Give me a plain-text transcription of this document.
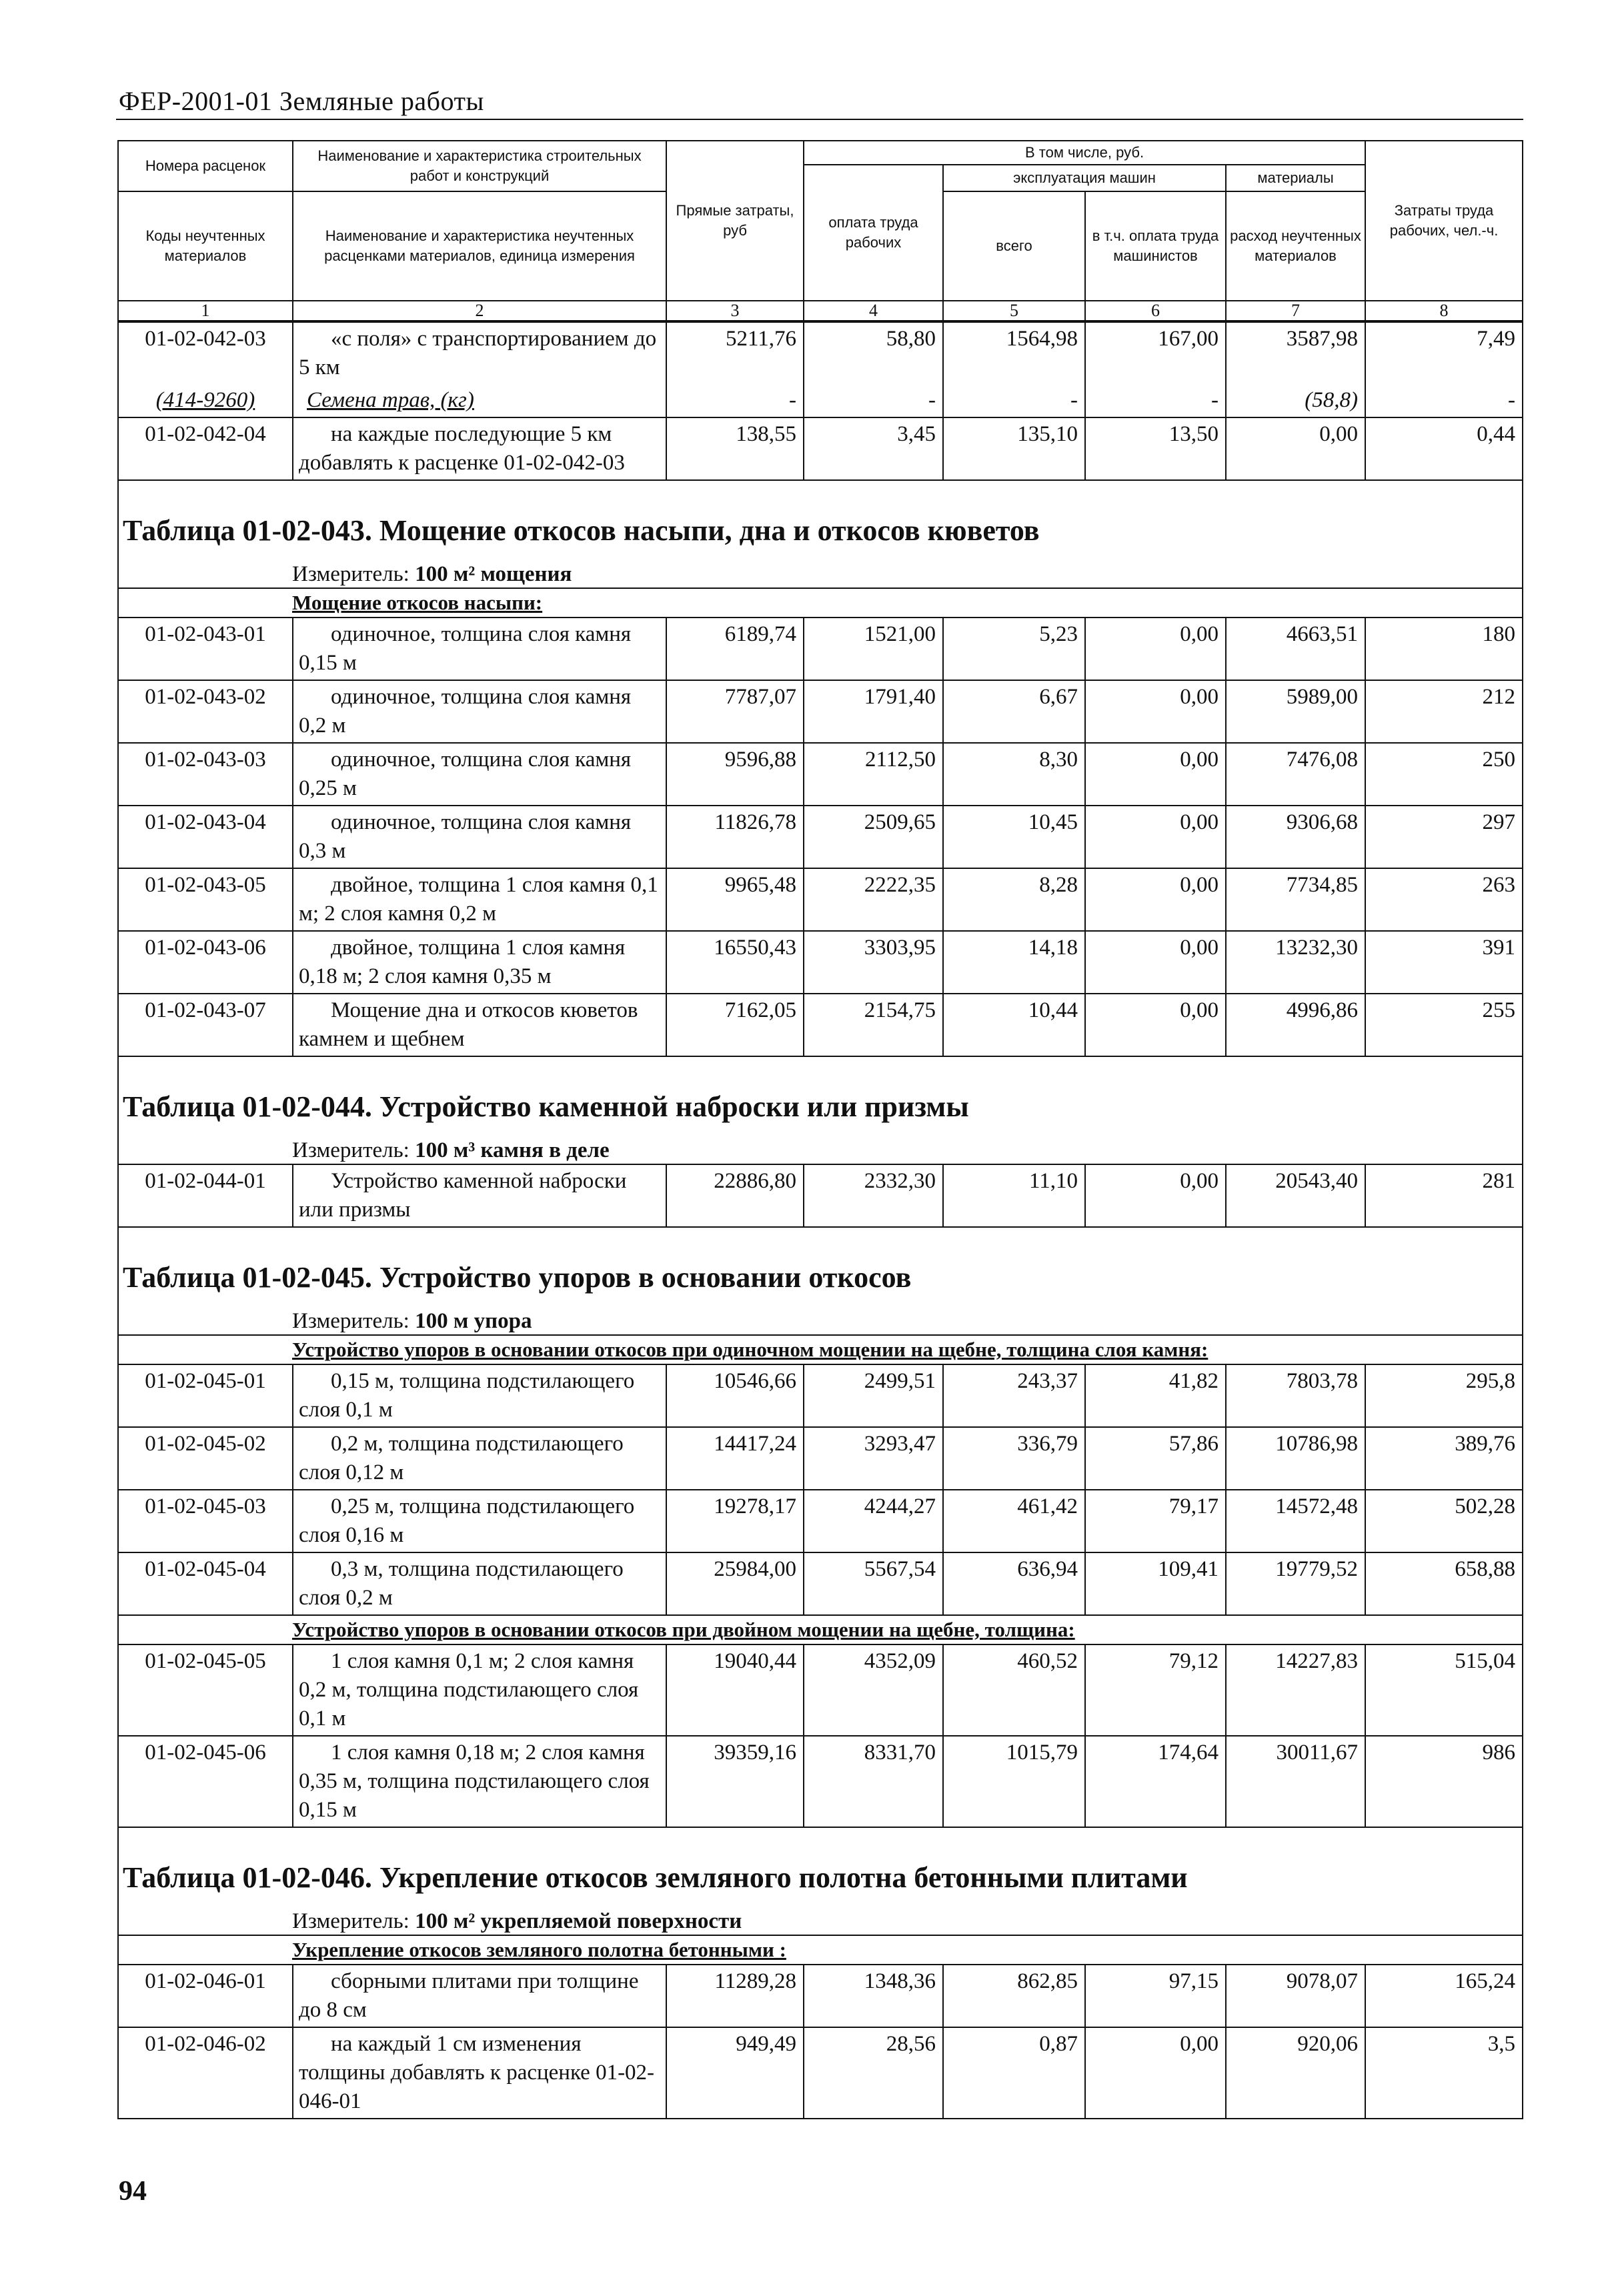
ФЕР-2001-01 Земляные работы
Номера расценок	Наименование и характеристика строительных работ и конструкций	Прямые затраты, руб	В том числе, руб.				Затраты труда рабочих, чел.-ч.
			оплата труда рабочих	эксплуатация машин		материалы	
Коды неучтенных материалов	Наименование и характеристика неучтенных расценками материалов, единица измерения			всего	в т.ч. оплата труда машинистов	расход неучтенных материалов	

1	2	3	4	5	6	7	8
01-02-042-03	«с поля» с транспортированием до 5 км	5211,76	58,80	1564,98	167,00	3587,98	7,49
(414-9260)	Семена трав, (кг)	-	-	-	-	(58,8)	-
01-02-042-04	на каждые последующие 5 км добавлять к расценке 01-02-042-03	138,55	3,45	135,10	13,50	0,00	0,44
Таблица 01-02-043. Мощение откосов насыпи, дна и откосов кюветов							
Измеритель: 100 м² мощения							
Мощение откосов насыпи:							
01-02-043-01	одиночное, толщина слоя камня 0,15 м	6189,74	1521,00	5,23	0,00	4663,51	180
01-02-043-02	одиночное, толщина слоя камня 0,2 м	7787,07	1791,40	6,67	0,00	5989,00	212
01-02-043-03	одиночное, толщина слоя камня 0,25 м	9596,88	2112,50	8,30	0,00	7476,08	250
01-02-043-04	одиночное, толщина слоя камня 0,3 м	11826,78	2509,65	10,45	0,00	9306,68	297
01-02-043-05	двойное, толщина 1 слоя камня 0,1 м; 2 слоя камня 0,2 м	9965,48	2222,35	8,28	0,00	7734,85	263
01-02-043-06	двойное, толщина 1 слоя камня 0,18 м; 2 слоя камня 0,35 м	16550,43	3303,95	14,18	0,00	13232,30	391
01-02-043-07	Мощение дна и откосов кюветов камнем и щебнем	7162,05	2154,75	10,44	0,00	4996,86	255
Таблица 01-02-044. Устройство каменной наброски или призмы							
Измеритель: 100 м³ камня в деле							
01-02-044-01	Устройство каменной наброски или призмы	22886,80	2332,30	11,10	0,00	20543,40	281
Таблица 01-02-045. Устройство упоров в основании откосов							
Измеритель: 100 м упора							
Устройство упоров в основании откосов при одиночном мощении на щебне, толщина слоя камня:							
01-02-045-01	0,15 м, толщина подстилающего слоя 0,1 м	10546,66	2499,51	243,37	41,82	7803,78	295,8
01-02-045-02	0,2 м, толщина подстилающего слоя 0,12 м	14417,24	3293,47	336,79	57,86	10786,98	389,76
01-02-045-03	0,25 м, толщина подстилающего слоя 0,16 м	19278,17	4244,27	461,42	79,17	14572,48	502,28
01-02-045-04	0,3 м, толщина подстилающего слоя 0,2 м	25984,00	5567,54	636,94	109,41	19779,52	658,88
Устройство упоров в основании откосов при двойном мощении на щебне, толщина:							
01-02-045-05	1 слоя камня 0,1 м; 2 слоя камня 0,2 м, толщина подстилающего слоя 0,1 м	19040,44	4352,09	460,52	79,12	14227,83	515,04
01-02-045-06	1 слоя камня 0,18 м; 2 слоя камня 0,35 м, толщина подстилающего слоя 0,15 м	39359,16	8331,70	1015,79	174,64	30011,67	986
Таблица 01-02-046. Укрепление откосов земляного полотна бетонными плитами							
Измеритель: 100 м² укрепляемой поверхности							
Укрепление откосов земляного полотна бетонными :							
01-02-046-01	сборными плитами при толщине до 8 см	11289,28	1348,36	862,85	97,15	9078,07	165,24
01-02-046-02	на каждый 1 см изменения толщины добавлять к расценке 01-02-046-01	949,49	28,56	0,87	0,00	920,06	3,5
94
